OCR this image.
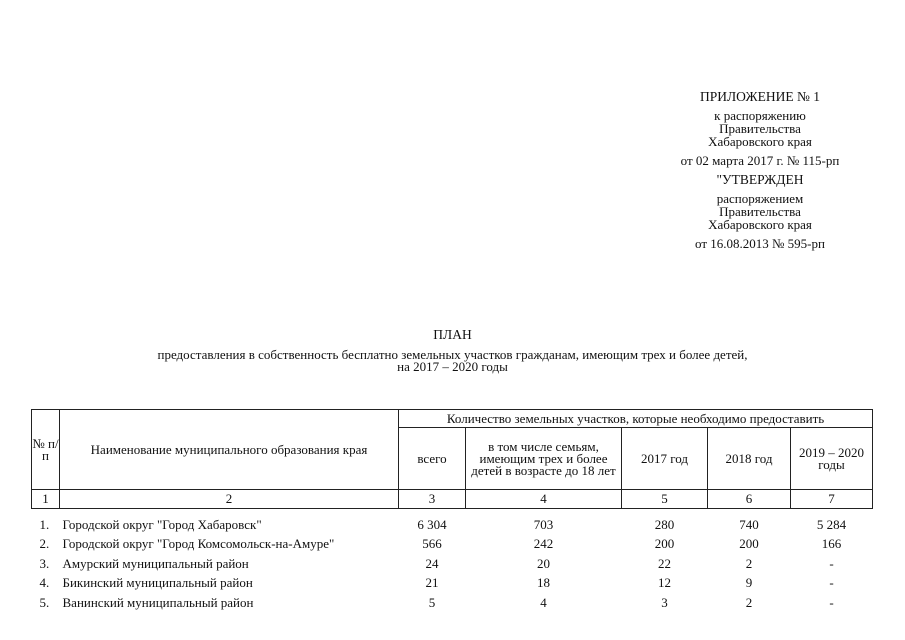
ПРИЛОЖЕНИЕ № 1
к распоряжению
Правительства
Хабаровского края
от 02 марта 2017 г. № 115-рп
"УТВЕРЖДЕН
распоряжением
Правительства
Хабаровского края
от 16.08.2013 № 595-рп
ПЛАН
предоставления в собственность бесплатно земельных участков гражданам, имеющим трех и более детей,
на 2017 – 2020 годы
№ п/п	Наименование муниципального образования края	Количество земельных участков, которые необходимо предоставить				
		всего	в том числе семьям, имеющим трех и более детей в возрасте до 18 лет	2017 год	2018 год	2019 – 2020 годы
1	2	3	4	5	6	7
1.	Городской округ "Город Хабаровск"	6 304	703	280	740	5 284
2.	Городской округ "Город Комсомольск-на-Амуре"	566	242	200	200	166
3.	Амурский муниципальный район	24	20	22	2	-
4.	Бикинский муниципальный район	21	18	12	9	-
5.	Ванинский муниципальный район	5	4	3	2	-
